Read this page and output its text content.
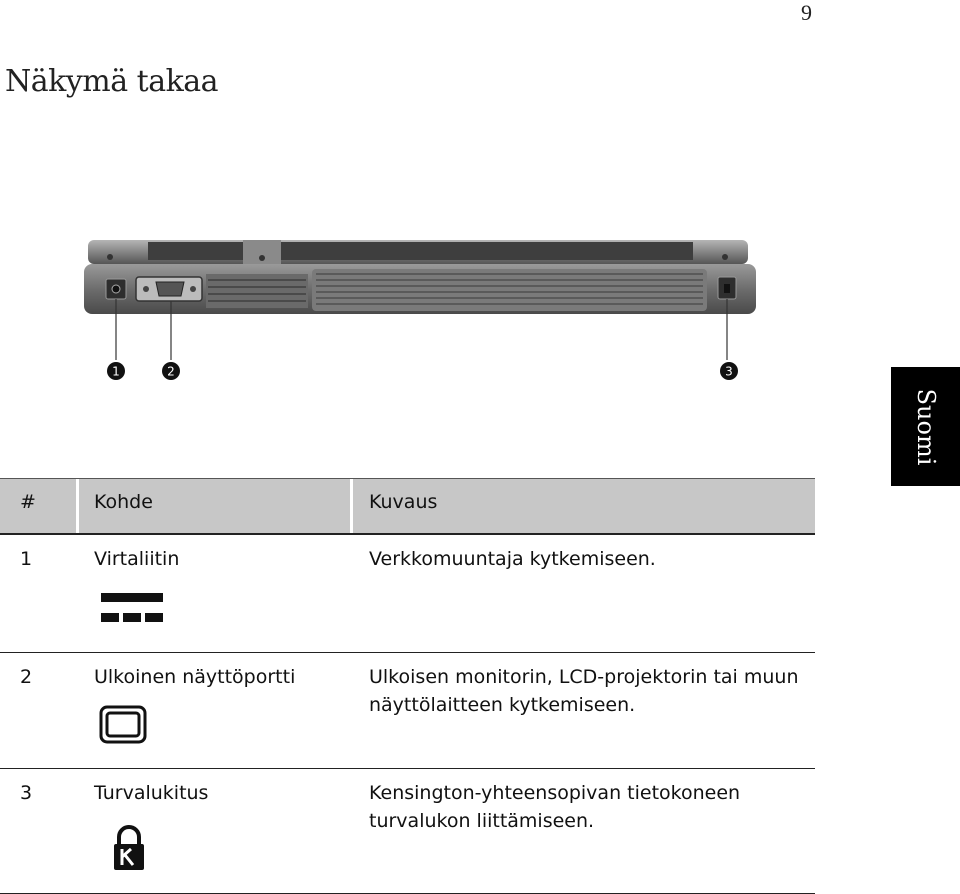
9
Näkymä takaa
Suomi
1	2	3
#	Kohde	Kuvaus
1	Virtaliitin	Verkkomuuntaja kytkemiseen.
2	Ulkoinen näyttöportti	Ulkoisen monitorin, LCD-projektorin tai muun näyttölaitteen kytkemiseen.
3	Turvalukitus	Kensington-yhteensopivan tietokoneen turvalukon liittämiseen.
